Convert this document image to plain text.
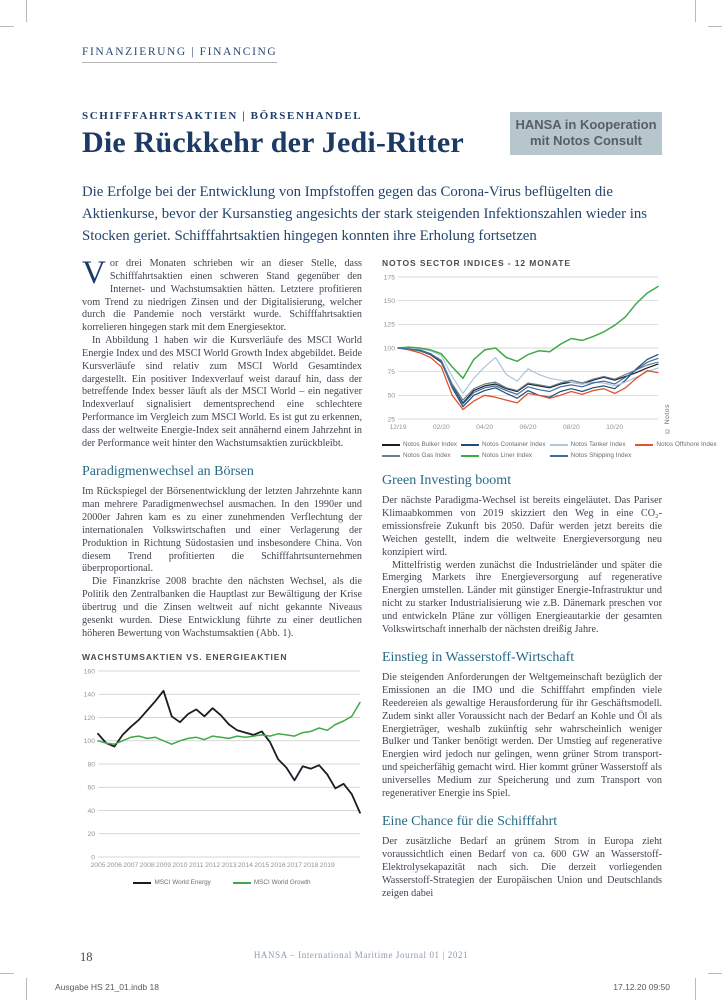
FINANZIERUNG | FINANCING
SCHIFFFAHRTSAKTIEN | BÖRSENHANDEL
Die Rückkehr der Jedi-Ritter
HANSA in Kooperation
mit Notos Consult
Die Erfolge bei der Entwicklung von Impfstoffen gegen das Corona-Virus beflügelten die Aktienkurse, bevor der Kursanstieg angesichts der stark steigenden Infektionszahlen wieder ins Stocken geriet. Schifffahrtsaktien hingegen konnten ihre Erholung fortsetzen

Vor drei Monaten schrieben wir an dieser Stelle, dass Schifffahrtsaktien einen schweren Stand gegenüber den Internet- und Wachstumsaktien hätten. Letztere profitieren vom Trend zu niedrigen Zinsen und der Digitalisierung, welcher durch die Pandemie noch verstärkt wurde. Schifffahrtsaktien korrelieren hingegen stark mit dem Energiesektor.

In Abbildung 1 haben wir die Kursverläufe des MSCI World Energie Index und des MSCI World Growth Index abgebildet. Beide Kursverläufe sind relativ zum MSCI World Gesamtindex dargestellt. Ein positiver Indexverlauf weist darauf hin, dass der betreffende Index besser läuft als der MSCI World – ein negativer Indexverlauf signalisiert dementsprechend eine schlechtere Performance im Vergleich zum MSCI World. Es ist gut zu erkennen, dass der weltweite Energie-Index seit annähernd einem Jahrzehnt in der Performance weit hinter den Wachstumsaktien zurückbleibt.

Paradigmenwechsel an Börsen

Im Rückspiegel der Börsenentwicklung der letzten Jahrzehnte kann man mehrere Paradigmenwechsel ausmachen. In den 1990er und 2000er Jahren kam es zu einer zunehmenden Verflechtung der internationalen Volkswirtschaften und einer Verlagerung der Produktion in Richtung Südostasien und insbesondere China. Von diesem Trend profitierten die Schifffahrtsunternehmen überproportional.

Die Finanzkrise 2008 brachte den nächsten Wechsel, als die Politik den Zentralbanken die Hauptlast zur Bewältigung der Krise übertrug und die Zinsen weltweit auf nicht gekannte Niveaus gesenkt wurden. Diese Entwicklung führte zu einer deutlichen höheren Bewertung von Wachstumsaktien (Abb. 1).

WACHSTUMSAKTIEN VS. ENERGIEAKTIEN
0
20
40
60
80
100
120
140
160
2005 2006 2007 2008 2009 2010 2011 2012 2013 2014 2015 2016 2017 2018 2019
MSCI World Energy	MSCI World Growth
NOTOS SECTOR INDICES - 12 MONATE
25
50
75
100
125
150
175
12/19	02/20	04/20	06/20	08/20	10/20
Notos Bulker Index	Notos Container Index	Notos Tanker Index	Notos Offshore Index
Notos Gas Index	Notos Liner Index	Notos Shipping Index
© Notos
Green Investing boomt

Der nächste Paradigma-Wechsel ist bereits eingeläutet. Das Pariser Klimaabkommen von 2019 skizziert den Weg in eine CO₂-emissionsfreie Zukunft bis 2050. Dafür werden jetzt bereits die Weichen gestellt, indem die weltweite Energieversorgung neu konzipiert wird.

Mittelfristig werden zunächst die Industrieländer und später die Emerging Markets ihre Energieversorgung auf regenerative Energien umstellen. Länder mit günstiger Energie-Infrastruktur und nicht zu starker Industrialisierung wie z.B. Dänemark preschen vor und entwickeln Pläne zur völligen Energieautarkie der gesamten Volkswirtschaft innerhalb der nächsten dreißig Jahre.

Einstieg in Wasserstoff-Wirtschaft

Die steigenden Anforderungen der Weltgemeinschaft bezüglich der Emissionen an die IMO und die Schifffahrt empfinden viele Reedereien als gewaltige Herausforderung für ihr Geschäftsmodell. Zudem sinkt aller Voraussicht nach der Bedarf an Kohle und Öl als Energieträger, weshalb zukünftig sehr wahrscheinlich weniger Bulker und Tanker benötigt werden. Der Umstieg auf regenerative Energien wird jedoch nur gelingen, wenn grüner Strom transport- und speicherfähig gemacht wird. Hier kommt grüner Wasserstoff als universelles Medium zur Speicherung und zum Transport von regenerativer Energie ins Spiel.

Eine Chance für die Schifffahrt

Der zusätzliche Bedarf an grünem Strom in Europa zieht voraussichtlich einen Bedarf von ca. 600 GW an Wasserstoff-Elektrolysekapazität nach sich. Die derzeit vorliegenden Wasserstoff-Strategien der Europäischen Union und Deutschlands zeigen dabei

18	HANSA – International Maritime Journal 01 | 2021
Ausgabe HS 21_01.indb 18	17.12.20 09:50
